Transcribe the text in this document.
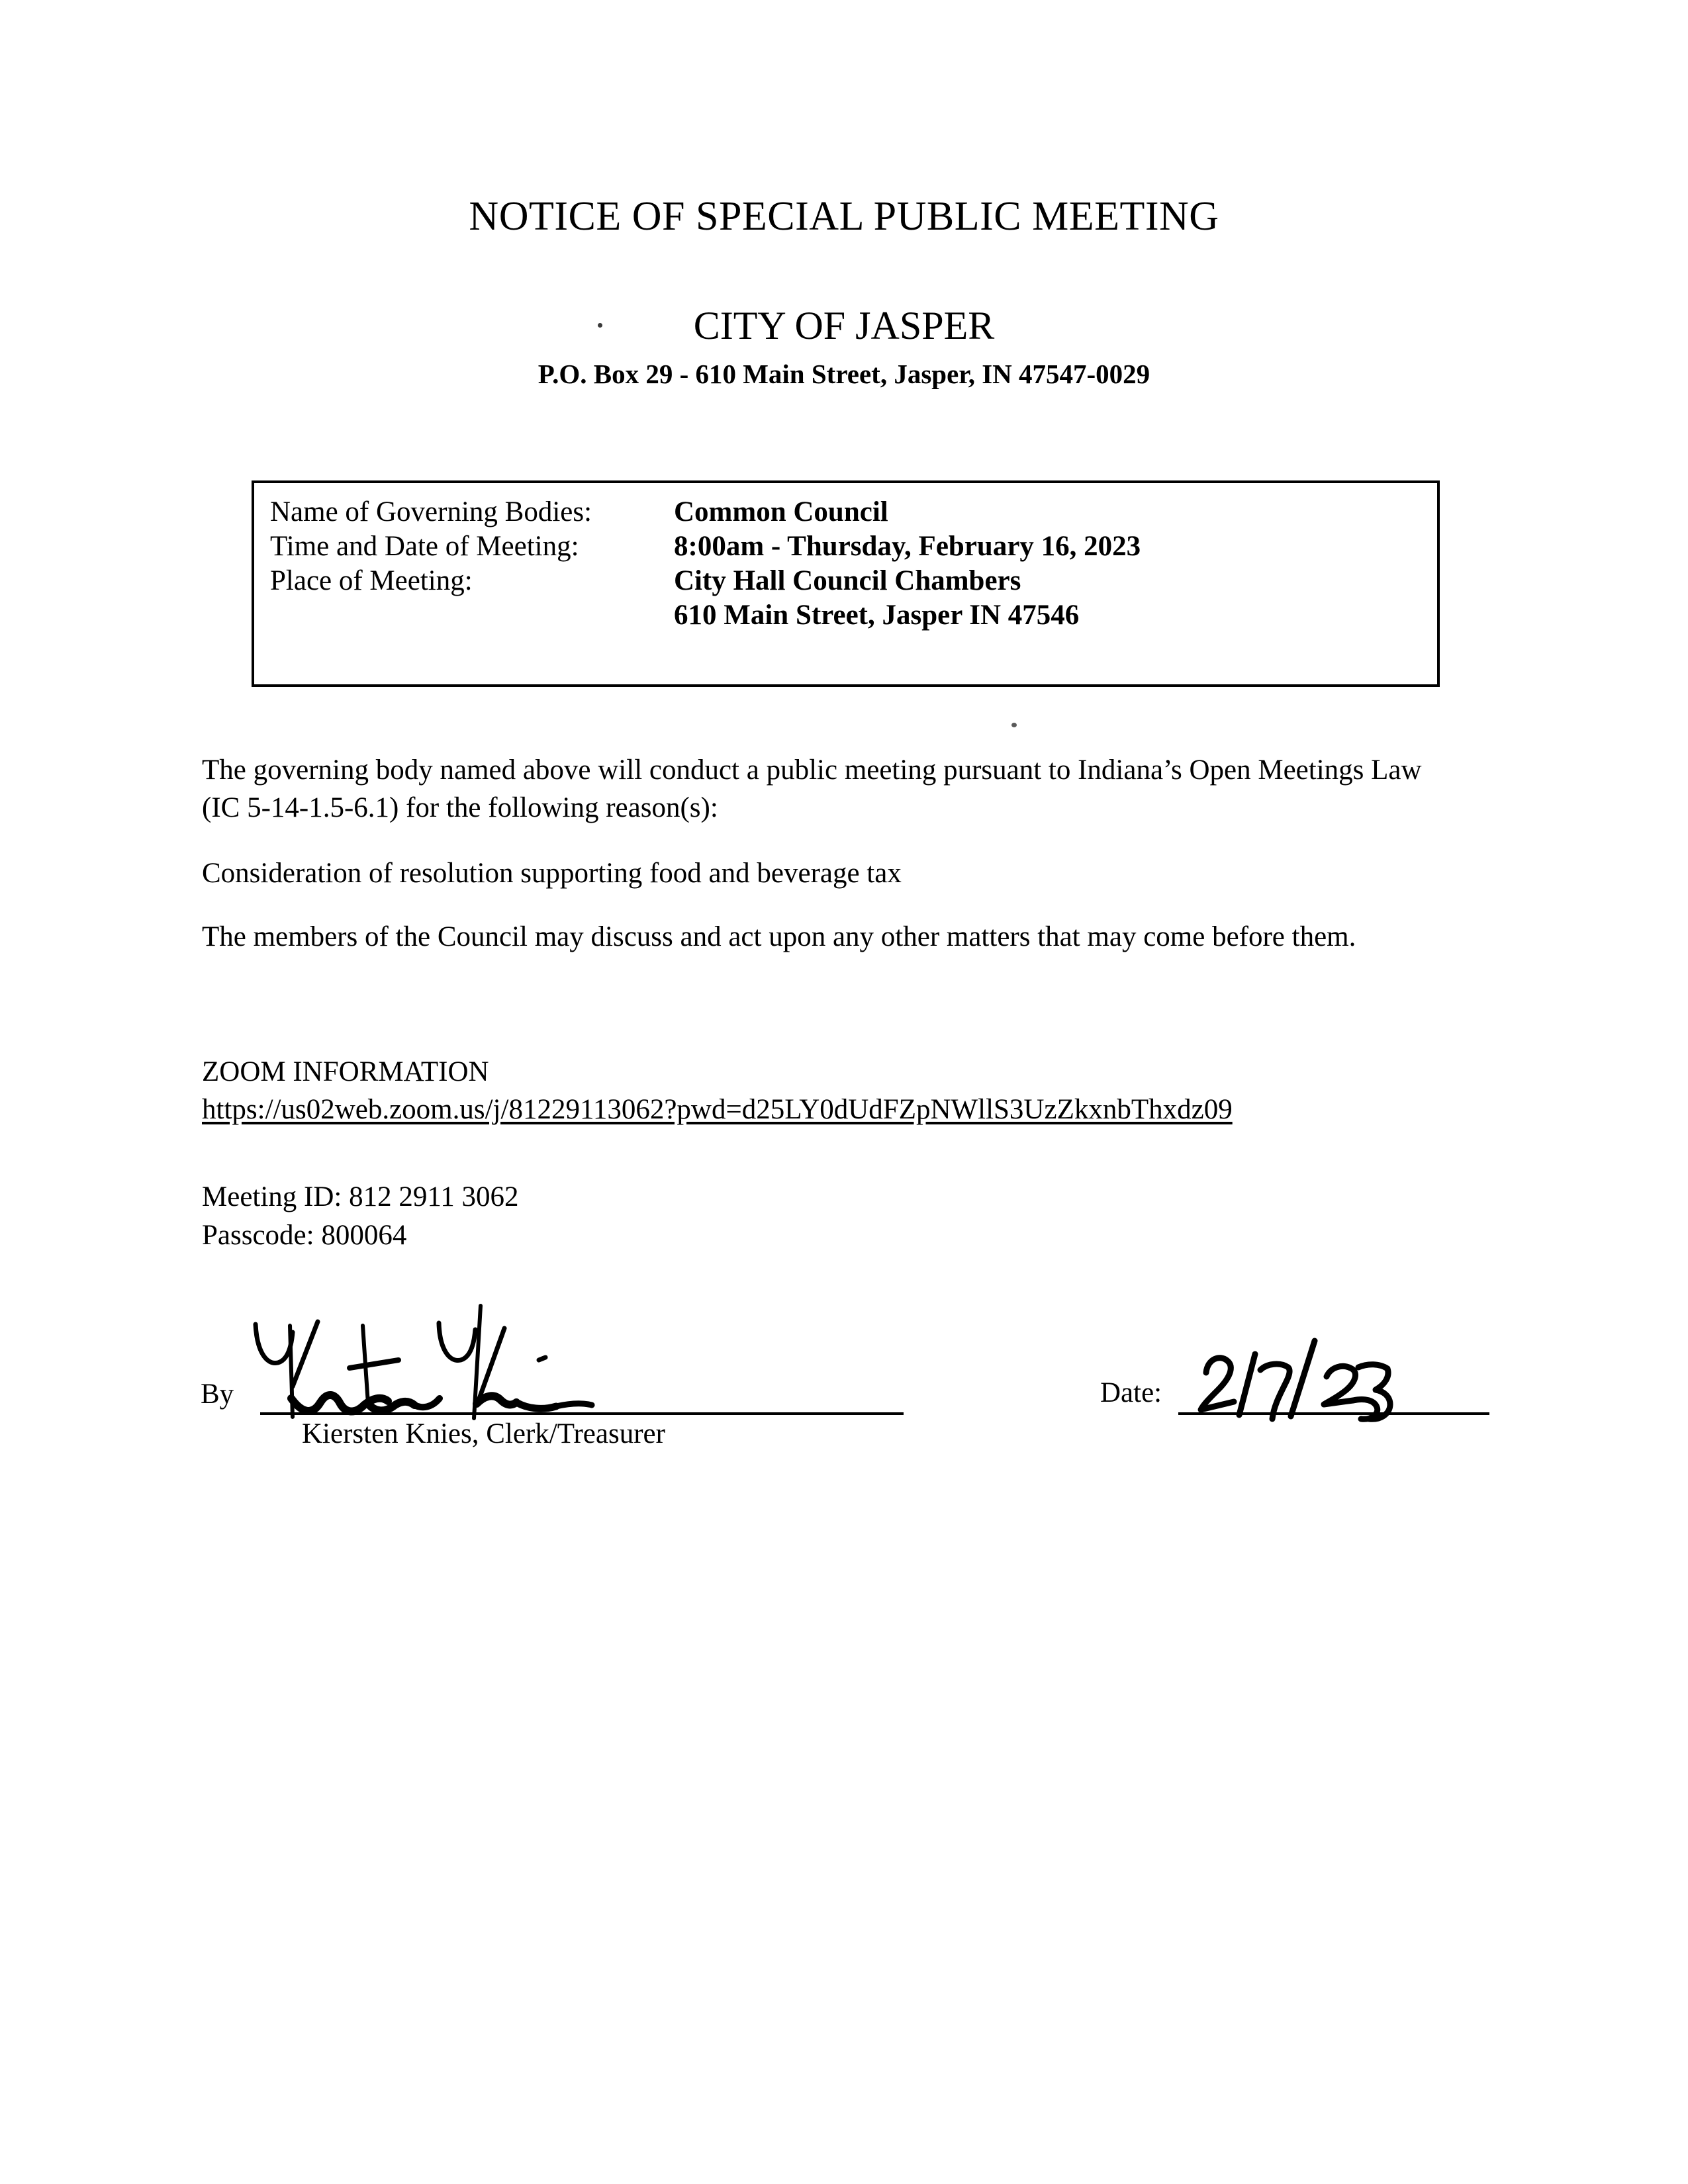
NOTICE OF SPECIAL PUBLIC MEETING
CITY OF JASPER
P.O. Box 29 - 610 Main Street, Jasper, IN 47547-0029
Name of Governing Bodies:	Common Council
Time and Date of Meeting:	8:00am - Thursday, February 16, 2023
Place of Meeting:	City Hall Council Chambers
610 Main Street, Jasper IN 47546

The governing body named above will conduct a public meeting pursuant to Indiana’s Open Meetings Law (IC 5-14-1.5-6.1) for the following reason(s):

Consideration of resolution supporting food and beverage tax

The members of the Council may discuss and act upon any other matters that may come before them.

ZOOM INFORMATION
https://us02web.zoom.us/j/81229113062?pwd=d25LY0dUdFZpNWllS3UzZkxnbThxdz09
Meeting ID: 812 2911 3062
Passcode: 800064
By
Kiersten Knies, Clerk/Treasurer
Date:
